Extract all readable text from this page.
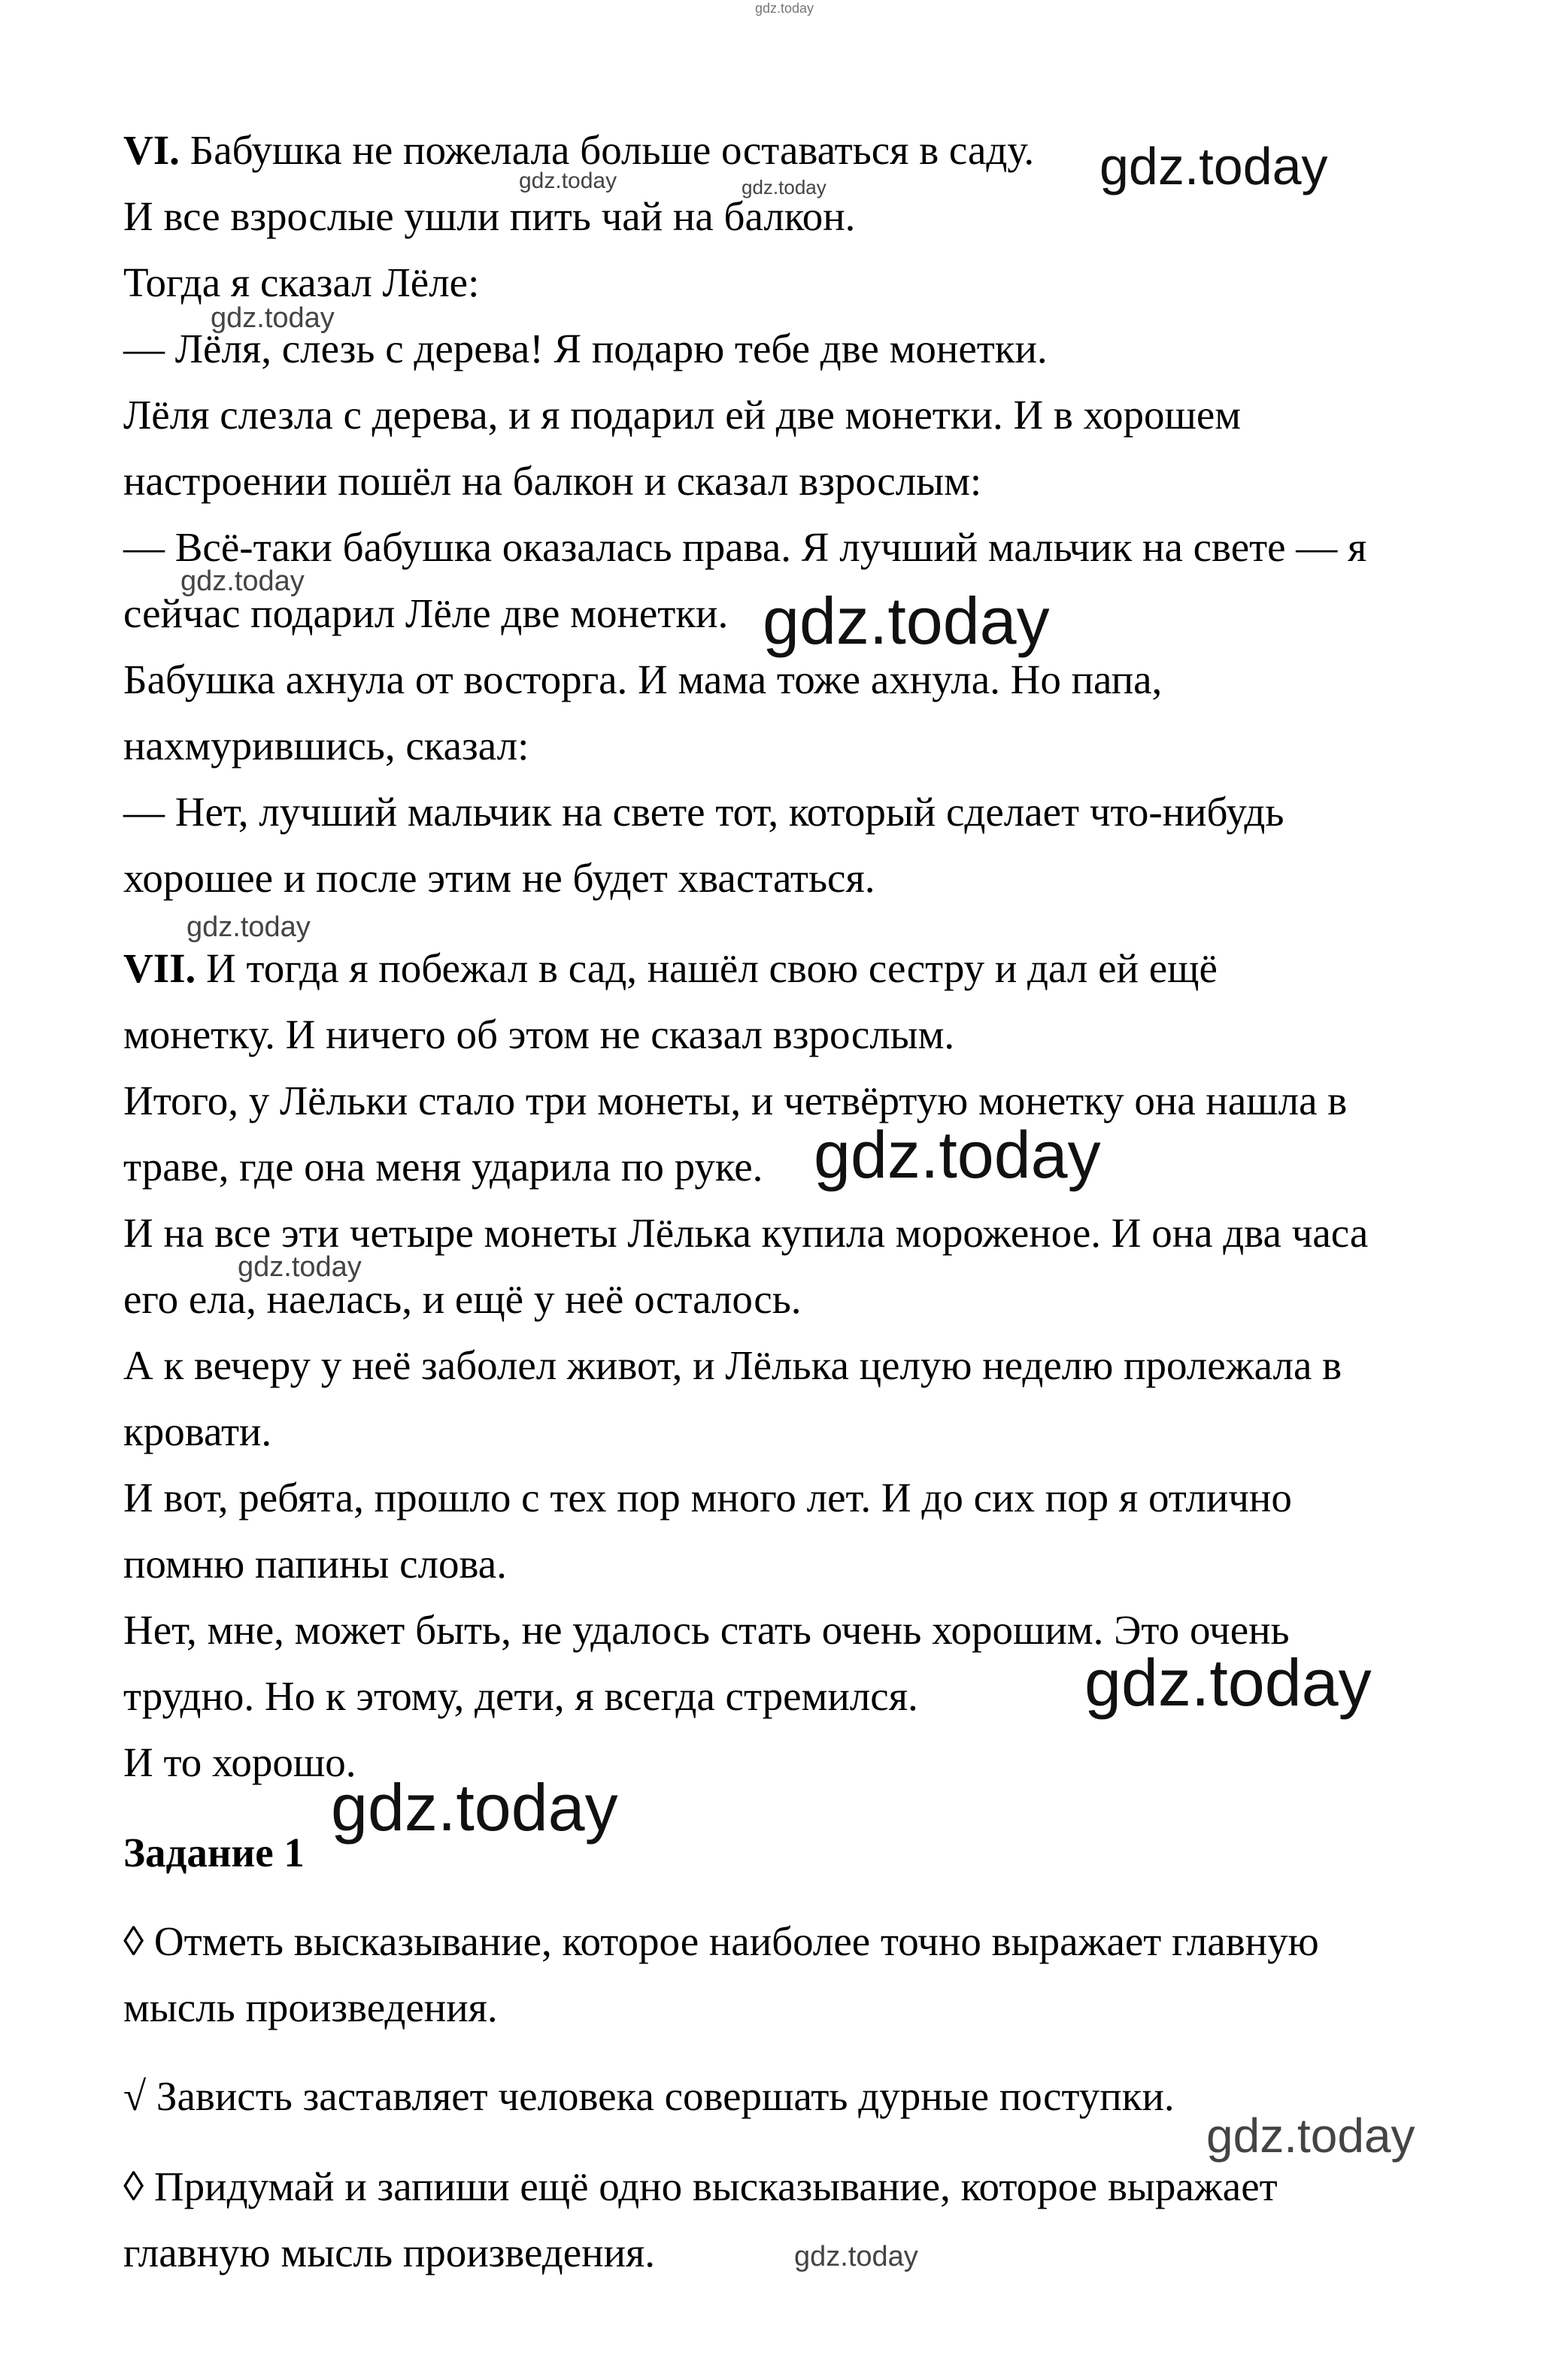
VI. Бабушка не пожелала больше оставаться в саду.

И все взрослые ушли пить чай на балкон.

Тогда я сказал Лёле:

— Лёля, слезь с дерева! Я подарю тебе две монетки.

Лёля слезла с дерева, и я подарил ей две монетки. И в хорошем

настроении пошёл на балкон и сказал взрослым:

— Всё-таки бабушка оказалась права. Я лучший мальчик на свете — я

сейчас подарил Лёле две монетки.

Бабушка ахнула от восторга. И мама тоже ахнула. Но папа,

нахмурившись, сказал:

— Нет, лучший мальчик на свете тот, который сделает что-нибудь

хорошее и после этим не будет хвастаться.

VII. И тогда я побежал в сад, нашёл свою сестру и дал ей ещё

монетку. И ничего об этом не сказал взрослым.

Итого, у Лёльки стало три монеты, и четвёртую монетку она нашла в

траве, где она меня ударила по руке.

И на все эти четыре монеты Лёлька купила мороженое. И она два часа

его ела, наелась, и ещё у неё осталось.

А к вечеру у неё заболел живот, и Лёлька целую неделю пролежала в

кровати.

И вот, ребята, прошло с тех пор много лет. И до сих пор я отлично

помню папины слова.

Нет, мне, может быть, не удалось стать очень хорошим. Это очень

трудно. Но к этому, дети, я всегда стремился.

И то хорошо.

Задание 1

◊ Отметь высказывание, которое наиболее точно выражает главную

мысль произведения.

√ Зависть заставляет человека совершать дурные поступки.

◊ Придумай и запиши ещё одно высказывание, которое выражает

главную мысль произведения.

gdz.today

gdz.today

gdz.today	gdz.today

gdz.today

gdz.today

gdz.today

gdz.today

gdz.today

gdz.today

gdz.today

gdz.today

gdz.today

gdz.today
